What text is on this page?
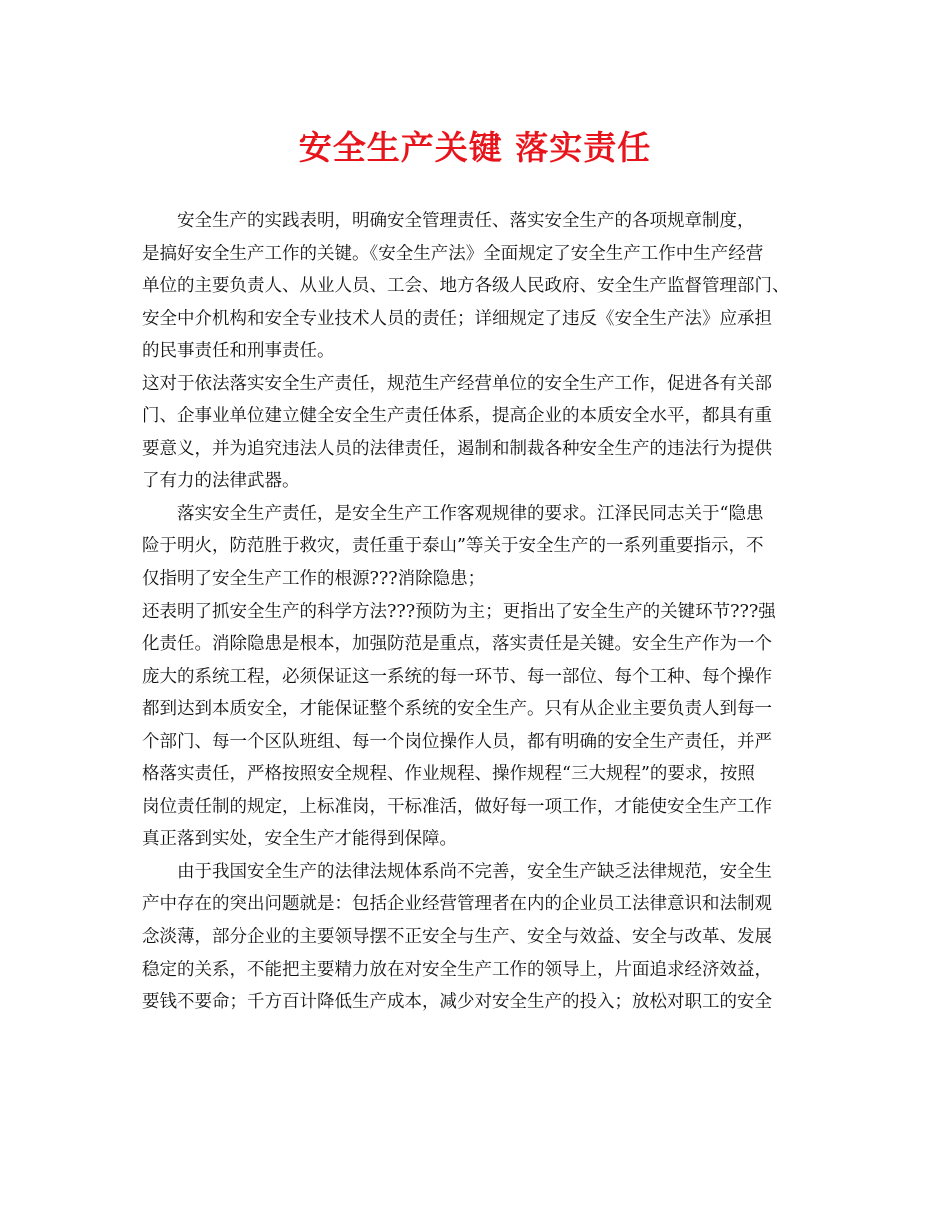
安全生产关键 落实责任
　　安全生产的实践表明，明确安全管理责任、落实安全生产的各项规章制度，
是搞好安全生产工作的关键。《安全生产法》全面规定了安全生产工作中生产经营
单位的主要负责人、从业人员、工会、地方各级人民政府、安全生产监督管理部门、
安全中介机构和安全专业技术人员的责任；详细规定了违反《安全生产法》应承担
的民事责任和刑事责任。
这对于依法落实安全生产责任，规范生产经营单位的安全生产工作，促进各有关部
门、企事业单位建立健全安全生产责任体系，提高企业的本质安全水平，都具有重
要意义，并为追究违法人员的法律责任，遏制和制裁各种安全生产的违法行为提供
了有力的法律武器。
　　落实安全生产责任，是安全生产工作客观规律的要求。江泽民同志关于“隐患
险于明火，防范胜于救灾，责任重于泰山”等关于安全生产的一系列重要指示，不
仅指明了安全生产工作的根源???消除隐患；
还表明了抓安全生产的科学方法???预防为主；更指出了安全生产的关键环节???强
化责任。消除隐患是根本，加强防范是重点，落实责任是关键。安全生产作为一个
庞大的系统工程，必须保证这一系统的每一环节、每一部位、每个工种、每个操作
都到达到本质安全，才能保证整个系统的安全生产。只有从企业主要负责人到每一
个部门、每一个区队班组、每一个岗位操作人员，都有明确的安全生产责任，并严
格落实责任，严格按照安全规程、作业规程、操作规程“三大规程”的要求，按照
岗位责任制的规定，上标准岗，干标准活，做好每一项工作，才能使安全生产工作
真正落到实处，安全生产才能得到保障。
　　由于我国安全生产的法律法规体系尚不完善，安全生产缺乏法律规范，安全生
产中存在的突出问题就是：包括企业经营管理者在内的企业员工法律意识和法制观
念淡薄，部分企业的主要领导摆不正安全与生产、安全与效益、安全与改革、发展
稳定的关系，不能把主要精力放在对安全生产工作的领导上，片面追求经济效益，
要钱不要命；千方百计降低生产成本，减少对安全生产的投入；放松对职工的安全
